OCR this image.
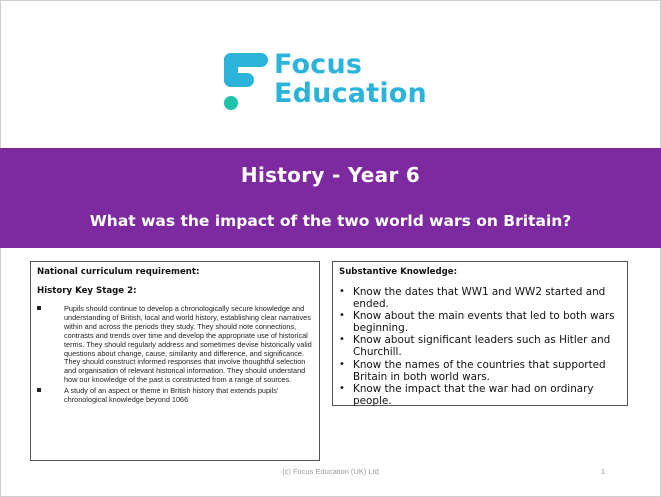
Focus
Education
History - Year 6
What was the impact of the two world wars on Britain?
National curriculum requirement:
History Key Stage 2:
Pupils should continue to develop a chronologically secure knowledge and understanding of British, local and world history, establishing clear narratives within and across the periods they study. They should note connections, contrasts and trends over time and develop the appropriate use of historical terms. They should regularly address and sometimes devise historically valid questions about change, cause, similarity and difference, and significance. They should construct informed responses that involve thoughtful selection and organisation of relevant historical information. They should understand how our knowledge of the past is constructed from a range of sources.
A study of an aspect or theme in British history that extends pupils' chronological knowledge beyond 1066
Substantive Knowledge:
• Know the dates that WW1 and WW2 started and ended.
• Know about the main events that led to both wars beginning.
• Know about significant leaders such as Hitler and Churchill.
• Know the names of the countries that supported Britain in both world wars.
• Know the impact that the war had on ordinary people.
(c) Focus Education (UK) Ltd	1
